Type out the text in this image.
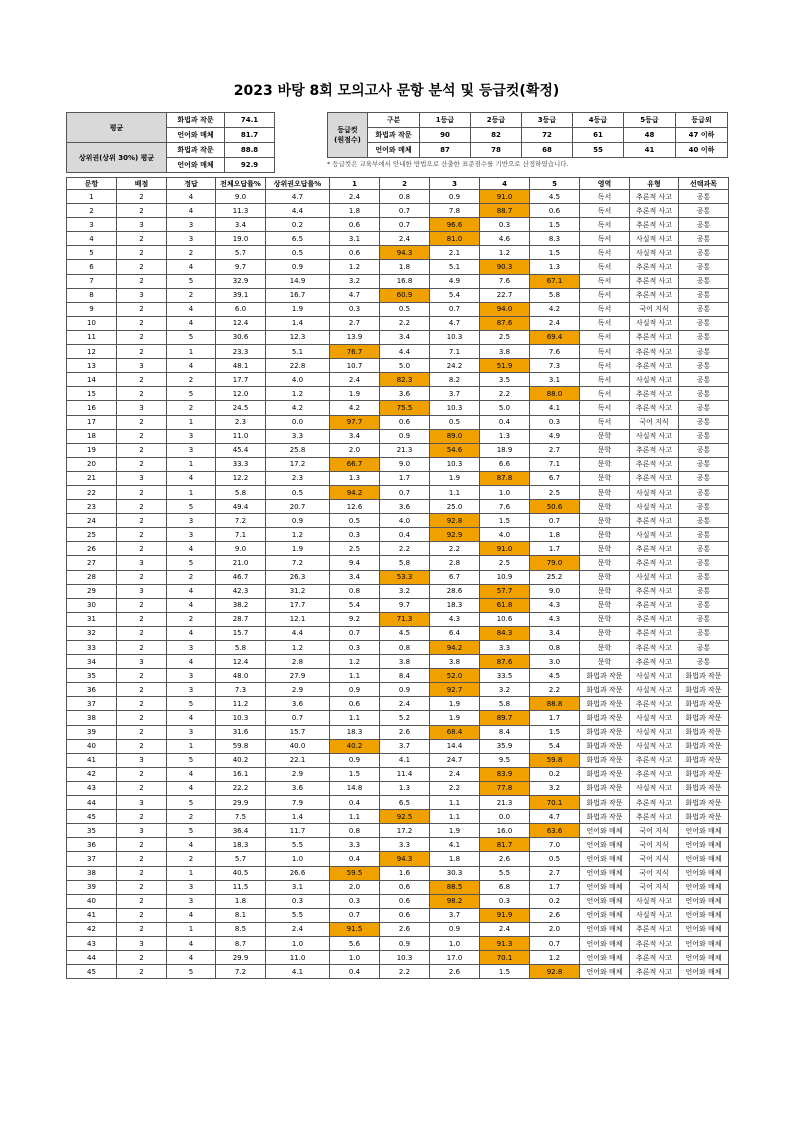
2023 바탕 8회 모의고사 문항 분석 및 등급컷(확정)
평균	화법과 작문	74.1
	언어와 매체	81.7
상위권(상위 30%) 평균	화법과 작문	88.8
	언어와 매체	92.9
등급컷
(원점수)	구분	1등급	2등급	3등급	4등급	5등급	등급외
	화법과 작문	90	82	72	61	48	47 이하
	언어와 매체	87	78	68	55	41	40 이하
* 등급컷은 교육부에서 안내한 방법으로 산출한 표준점수를 기반으로 산정하였습니다.
문항	배점	정답	전체오답률%	상위권오답률%	1	2	3	4	5	영역	유형	선택과목
1	2	4	9.0	4.7	2.4	0.8	0.9	91.0	4.5	독서	추론적 사고	공통
2	2	4	11.3	4.4	1.8	0.7	7.8	88.7	0.6	독서	추론적 사고	공통
3	3	3	3.4	0.2	0.6	0.7	96.6	0.3	1.5	독서	추론적 사고	공통
4	2	3	19.0	6.5	3.1	2.4	81.0	4.6	8.3	독서	사실적 사고	공통
5	2	2	5.7	0.5	0.6	94.3	2.1	1.2	1.5	독서	사실적 사고	공통
6	2	4	9.7	0.9	1.2	1.8	5.1	90.3	1.3	독서	추론적 사고	공통
7	2	5	32.9	14.9	3.2	16.8	4.9	7.6	67.1	독서	추론적 사고	공통
8	3	2	39.1	16.7	4.7	60.9	5.4	22.7	5.8	독서	추론적 사고	공통
9	2	4	6.0	1.9	0.3	0.5	0.7	94.0	4.2	독서	국어 지식	공통
10	2	4	12.4	1.4	2.7	2.2	4.7	87.6	2.4	독서	사실적 사고	공통
11	2	5	30.6	12.3	13.9	3.4	10.3	2.5	69.4	독서	추론적 사고	공통
12	2	1	23.3	5.1	76.7	4.4	7.1	3.8	7.6	독서	추론적 사고	공통
13	3	4	48.1	22.8	10.7	5.0	24.2	51.9	7.3	독서	추론적 사고	공통
14	2	2	17.7	4.0	2.4	82.3	8.2	3.5	3.1	독서	사실적 사고	공통
15	2	5	12.0	1.2	1.9	3.6	3.7	2.2	88.0	독서	추론적 사고	공통
16	3	2	24.5	4.2	4.2	75.5	10.3	5.0	4.1	독서	추론적 사고	공통
17	2	1	2.3	0.0	97.7	0.6	0.5	0.4	0.3	독서	국어 지식	공통
18	2	3	11.0	3.3	3.4	0.9	89.0	1.3	4.9	문학	사실적 사고	공통
19	2	3	45.4	25.8	2.0	21.3	54.6	18.9	2.7	문학	추론적 사고	공통
20	2	1	33.3	17.2	66.7	9.0	10.3	6.6	7.1	문학	추론적 사고	공통
21	3	4	12.2	2.3	1.3	1.7	1.9	87.8	6.7	문학	추론적 사고	공통
22	2	1	5.8	0.5	94.2	0.7	1.1	1.0	2.5	문학	사실적 사고	공통
23	2	5	49.4	20.7	12.6	3.6	25.0	7.6	50.6	문학	사실적 사고	공통
24	2	3	7.2	0.9	0.5	4.0	92.8	1.5	0.7	문학	추론적 사고	공통
25	2	3	7.1	1.2	0.3	0.4	92.9	4.0	1.8	문학	사실적 사고	공통
26	2	4	9.0	1.9	2.5	2.2	2.2	91.0	1.7	문학	추론적 사고	공통
27	3	5	21.0	7.2	9.4	5.8	2.8	2.5	79.0	문학	추론적 사고	공통
28	2	2	46.7	26.3	3.4	53.3	6.7	10.9	25.2	문학	사실적 사고	공통
29	3	4	42.3	31.2	0.8	3.2	28.6	57.7	9.0	문학	추론적 사고	공통
30	2	4	38.2	17.7	5.4	9.7	18.3	61.8	4.3	문학	추론적 사고	공통
31	2	2	28.7	12.1	9.2	71.3	4.3	10.6	4.3	문학	추론적 사고	공통
32	2	4	15.7	4.4	0.7	4.5	6.4	84.3	3.4	문학	추론적 사고	공통
33	2	3	5.8	1.2	0.3	0.8	94.2	3.3	0.8	문학	추론적 사고	공통
34	3	4	12.4	2.8	1.2	3.8	3.8	87.6	3.0	문학	추론적 사고	공통
35	2	3	48.0	27.9	1.1	8.4	52.0	33.5	4.5	화법과 작문	사실적 사고	화법과 작문
36	2	3	7.3	2.9	0.9	0.9	92.7	3.2	2.2	화법과 작문	사실적 사고	화법과 작문
37	2	5	11.2	3.6	0.6	2.4	1.9	5.8	88.8	화법과 작문	추론적 사고	화법과 작문
38	2	4	10.3	0.7	1.1	5.2	1.9	89.7	1.7	화법과 작문	사실적 사고	화법과 작문
39	2	3	31.6	15.7	18.3	2.6	68.4	8.4	1.5	화법과 작문	사실적 사고	화법과 작문
40	2	1	59.8	40.0	40.2	3.7	14.4	35.9	5.4	화법과 작문	사실적 사고	화법과 작문
41	3	5	40.2	22.1	0.9	4.1	24.7	9.5	59.8	화법과 작문	추론적 사고	화법과 작문
42	2	4	16.1	2.9	1.5	11.4	2.4	83.9	0.2	화법과 작문	추론적 사고	화법과 작문
43	2	4	22.2	3.6	14.8	1.3	2.2	77.8	3.2	화법과 작문	사실적 사고	화법과 작문
44	3	5	29.9	7.9	0.4	6.5	1.1	21.3	70.1	화법과 작문	추론적 사고	화법과 작문
45	2	2	7.5	1.4	1.1	92.5	1.1	0.0	4.7	화법과 작문	추론적 사고	화법과 작문
35	3	5	36.4	11.7	0.8	17.2	1.9	16.0	63.6	언어와 매체	국어 지식	언어와 매체
36	2	4	18.3	5.5	3.3	3.3	4.1	81.7	7.0	언어와 매체	국어 지식	언어와 매체
37	2	2	5.7	1.0	0.4	94.3	1.8	2.6	0.5	언어와 매체	국어 지식	언어와 매체
38	2	1	40.5	26.6	59.5	1.6	30.3	5.5	2.7	언어와 매체	국어 지식	언어와 매체
39	2	3	11.5	3.1	2.0	0.6	88.5	6.8	1.7	언어와 매체	국어 지식	언어와 매체
40	2	3	1.8	0.3	0.3	0.6	98.2	0.3	0.2	언어와 매체	사실적 사고	언어와 매체
41	2	4	8.1	5.5	0.7	0.6	3.7	91.9	2.6	언어와 매체	사실적 사고	언어와 매체
42	2	1	8.5	2.4	91.5	2.6	0.9	2.4	2.0	언어와 매체	추론적 사고	언어와 매체
43	3	4	8.7	1.0	5.6	0.9	1.0	91.3	0.7	언어와 매체	추론적 사고	언어와 매체
44	2	4	29.9	11.0	1.0	10.3	17.0	70.1	1.2	언어와 매체	추론적 사고	언어와 매체
45	2	5	7.2	4.1	0.4	2.2	2.6	1.5	92.8	언어와 매체	추론적 사고	언어와 매체
